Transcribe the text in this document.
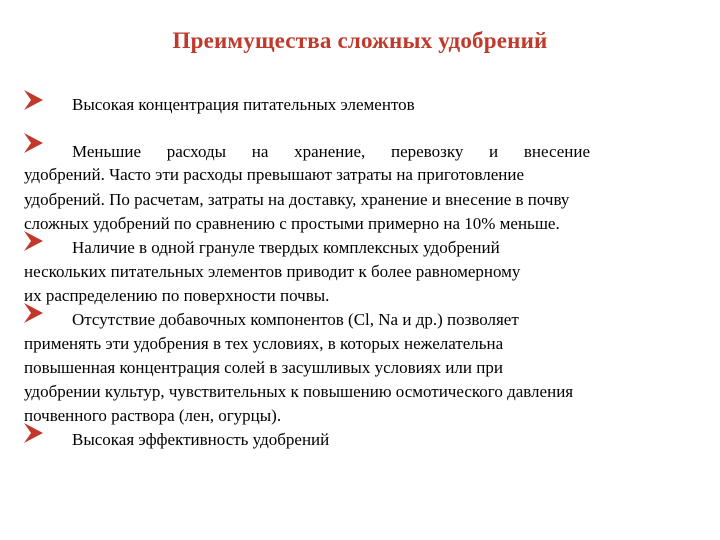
Преимущества сложных удобрений
Высокая концентрация питательных элементов
Меньшие расходы на хранение, перевозку и внесение
удобрений. Часто эти расходы превышают затраты на приготовление
удобрений. По расчетам, затраты на доставку, хранение и внесение в почву
сложных удобрений по сравнению с простыми примерно на 10% меньше.
Наличие в одной грануле твердых комплексных удобрений
нескольких питательных элементов приводит к более равномерному
их распределению по поверхности почвы.
Отсутствие добавочных компонентов (Cl, Na и др.) позволяет
применять эти удобрения в тех условиях, в которых нежелательна
повышенная концентрация солей в засушливых условиях или при
удобрении культур, чувствительных к повышению осмотического давления
почвенного раствора (лен, огурцы).
Высокая эффективность удобрений
